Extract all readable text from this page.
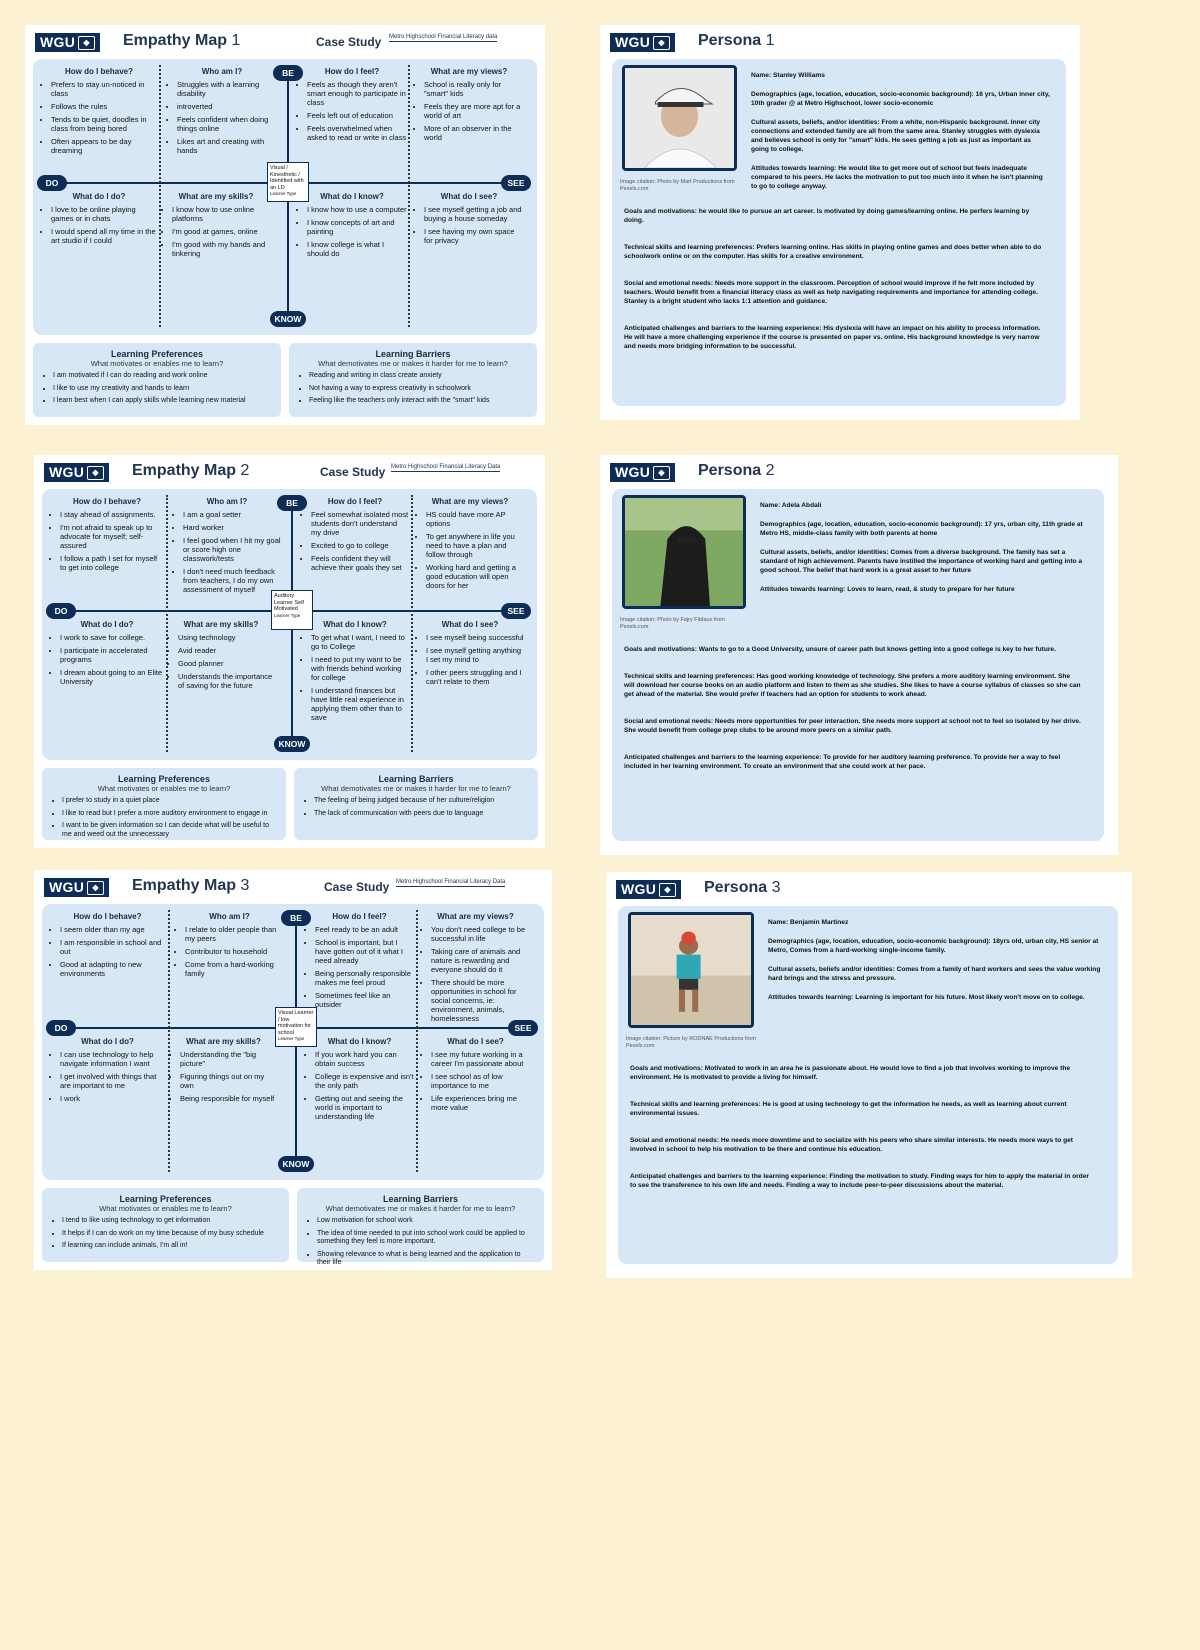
WGU	◆	Empathy Map 1	Case Study Metro Highschool Financial Literacy data
BE
KNOW
DO	SEE
Visual / Kinesthetic / Identified with an LD
Learner Type
How do I behave?
• Prefers to stay un-noticed in class
• Follows the rules
• Tends to be quiet, doodles in class from being bored
• Often appears to be day dreaming
Who am I?
• Struggles with a learning disability
• introverted
• Feels confident when doing things online
• Likes art and creating with hands
How do I feel?
• Feels as though they aren't smart enough to participate in class
• Feels left out of education
• Feels overwhelmed when asked to read or write in class
What are my views?
• School is really only for "smart" kids
• Feels they are more apt for a world of art
• More of an observer in the world
What do I do?
• I love to be online playing games or in chats
• I would spend all my time in the art studio if I could
What are my skills?
• I know how to use online platforms
• I'm good at games, online
• I'm good with my hands and tinkering
What do I know?
• I know how to use a computer
• I know concepts of art and painting
• I know college is what I should do
What do I see?
• I see myself getting a job and buying a house someday
• I see having my own space for privacy
Learning Preferences
What motivates or enables me to learn?
• I am motivated if I can do reading and work online
• I like to use my creativity and hands to learn
• I learn best when I can apply skills while learning new material
Learning Barriers
What demotivates me or makes it harder for me to learn?
• Reading and writing in class create anxiety
• Not having a way to express creativity in schoolwork
• Feeling like the teachers only interact with the "smart" kids
WGU	◆	Empathy Map 2	Case Study Metro Highschool Financial Literacy Data
BE
KNOW
DO	SEE
Auditory Learner Self Motivated
Learner Type
How do I behave?
• I stay ahead of assignments.
• I'm not afraid to speak up to advocate for myself; self-assured
• I follow a path I set for myself to get into college
Who am I?
• I am a goal setter
• Hard worker
• I feel good when I hit my goal or score high one classwork/tests
• I don't need much feedback from teachers, I do my own assessment of myself
How do I feel?
• Feel somewhat isolated most students don't understand my drive
• Excited to go to college
• Feels confident they will achieve their goals they set
What are my views?
• HS could have more AP options
• To get anywhere in life you need to have a plan and follow through
• Working hard and getting a good education will open doors for her
What do I do?
• I work to save for college.
• I participate in accelerated programs
• I dream about going to an Elite University
What are my skills?
• Using technology
• Avid reader
• Good planner
• Understands the importance of saving for the future
What do I know?
• To get what I want, I need to go to College
• I need to put my want to be with friends behind working for college
• I understand finances but have little real experience in applying them other than to save
What do I see?
• I see myself being successful
• I see myself getting anything I set my mind to
• I other peers struggling and I can't relate to them
Learning Preferences
What motivates or enables me to learn?
• I prefer to study in a quiet place
• I like to read but I prefer a more auditory environment to engage in
• I want to be given information so I can decide what will be useful to me and weed out the unnecessary
Learning Barriers
What demotivates me or makes it harder for me to learn?
• The feeling of being judged because of her culture/religion
• The lack of communication with peers due to language
WGU	◆	Empathy Map 3	Case Study Metro Highschool Financial Literacy Data
BE
KNOW
DO	SEE
Visual Learner / low motivation for school
Learner Type
How do I behave?
• I seem older than my age
• I am responsible in school and out
• Good at adapting to new environments
Who am I?
• I relate to older people than my peers
• Contributor to household
• Come from a hard-working family
How do I feel?
• Feel ready to be an adult
• School is important, but I have gotten out of it what I need already
• Being personally responsible makes me feel proud
• Sometimes feel like an outsider
What are my views?
• You don't need college to be successful in life
• Taking care of animals and nature is rewarding and everyone should do it
• There should be more opportunities in school for social concerns, ie: environment, animals, homelessness
What do I do?
• I can use technology to help navigate information I want
• I get involved with things that are important to me
• I work
What are my skills?
• Understanding the "big picture"
• Figuring things out on my own
• Being responsible for myself
What do I know?
• If you work hard you can obtain success
• College is expensive and isn't the only path
• Getting out and seeing the world is important to understanding life
What do I see?
• I see my future working in a career I'm passionate about
• I see school as of low importance to me
• Life experiences bring me more value
Learning Preferences
What motivates or enables me to learn?
• I tend to like using technology to get information
• It helps if I can do work on my time because of my busy schedule
• If learning can include animals, I'm all in!
Learning Barriers
What demotivates me or makes it harder for me to learn?
• Low motivation for school work
• The idea of time needed to put into school work could be applied to something they feel is more important.
• Showing relevance to what is being learned and the application to their life
WGU	◆	Persona 1
Image citation: Photo by Mart Productions from Pexels.com

Name: Stanley Williams

Demographics (age, location, education, socio-economic background): 16 yrs, Urban inner city, 10th grader @ at Metro Highschool, lower socio-economic

Cultural assets, beliefs, and/or identities: From a white, non-Hispanic background. Inner city connections and extended family are all from the same area. Stanley struggles with dyslexia and believes school is only for "smart" kids. He sees getting a job as just as important as going to college.

Attitudes towards learning: He would like to get more out of school but feels inadequate compared to his peers. He lacks the motivation to put too much into it when he isn't planning to go to college anyway.

Goals and motivations: he would like to pursue an art career. Is motivated by doing games/learning online. He perfers learning by doing.

Technical skills and learning preferences: Prefers learning online. Has skills in playing online games and does better when able to do schoolwork online or on the computer. Has skills for a creative environment.

Social and emotional needs: Needs more support in the classroom. Perception of school would improve if he felt more included by teachers. Would benefit from a financial literacy class as well as help navigating requirements and importance for attending college. Stanley is a bright student who lacks 1:1 attention and guidance.

Anticipated challenges and barriers to the learning experience: His dyslexia will have an impact on his ability to process information. He will have a more challenging experience if the course is presented on paper vs. online. His background knowledge is very narrow and needs more bridging information to be successful.

WGU	◆	Persona 2
Image citation: Photo by Fajry Fitdaus from Pexels.com

Name: Adela Abdali

Demographics (age, location, education, socio-economic background): 17 yrs, urban city, 11th grade at Metro HS, middle-class family with both parents at home

Cultural assets, beliefs, and/or identities: Comes from a diverse background. The family has set a standard of high achievement. Parents have instilled the importance of working hard and getting into a good school. The belief that hard work is a great asset to her future

Attitudes towards learning: Loves to learn, read, & study to prepare for her future

Goals and motivations: Wants to go to a Good University, unsure of career path but knows getting into a good college is key to her future.

Technical skills and learning preferences: Has good working knowledge of technology. She prefers a more auditory learning environment. She will download her course books on an audio platform and listen to them as she studies. She likes to have a course syllabus of classes so she can get ahead of the material. She would prefer if teachers had an option for students to work ahead.

Social and emotional needs: Needs more opportunities for peer interaction. She needs more support at school not to feel so isolated by her drive. She would benefit from college prep clubs to be around more peers on a similar path.

Anticipated challenges and barriers to the learning experience: To provide for her auditory learning preference. To provide her a way to feel included in her learning environment. To create an environment that she could work at her pace.

WGU	◆	Persona 3
Image citation: Picture by RODNAE Productions from Pexels.com

Name: Benjamin Martinez

Demographics (age, location, education, socio-economic background): 18yrs old, urban city, HS senior at Metro, Comes from a hard-working single-income family.

Cultural assets, beliefs and/or identities: Comes from a family of hard workers and sees the value working hard brings and the stress and pressure.

Attitudes towards learning: Learning is important for his future. Most likely won't move on to college.

Goals and motivations: Motivated to work in an area he is passionate about. He would love to find a job that involves working to improve the environment. He is motivated to provide a living for himself.

Technical skills and learning preferences: He is good at using technology to get the information he needs, as well as learning about current environmental issues.

Social and emotional needs: He needs more downtime and to socialize with his peers who share similar interests. He needs more ways to get involved in school to help his motivation to be there and continue his education.

Anticipated challenges and barriers to the learning experience: Finding the motivation to study. Finding ways for him to apply the material in order to see the transference to his own life and needs. Finding a way to include peer-to-peer discussions about the material.
